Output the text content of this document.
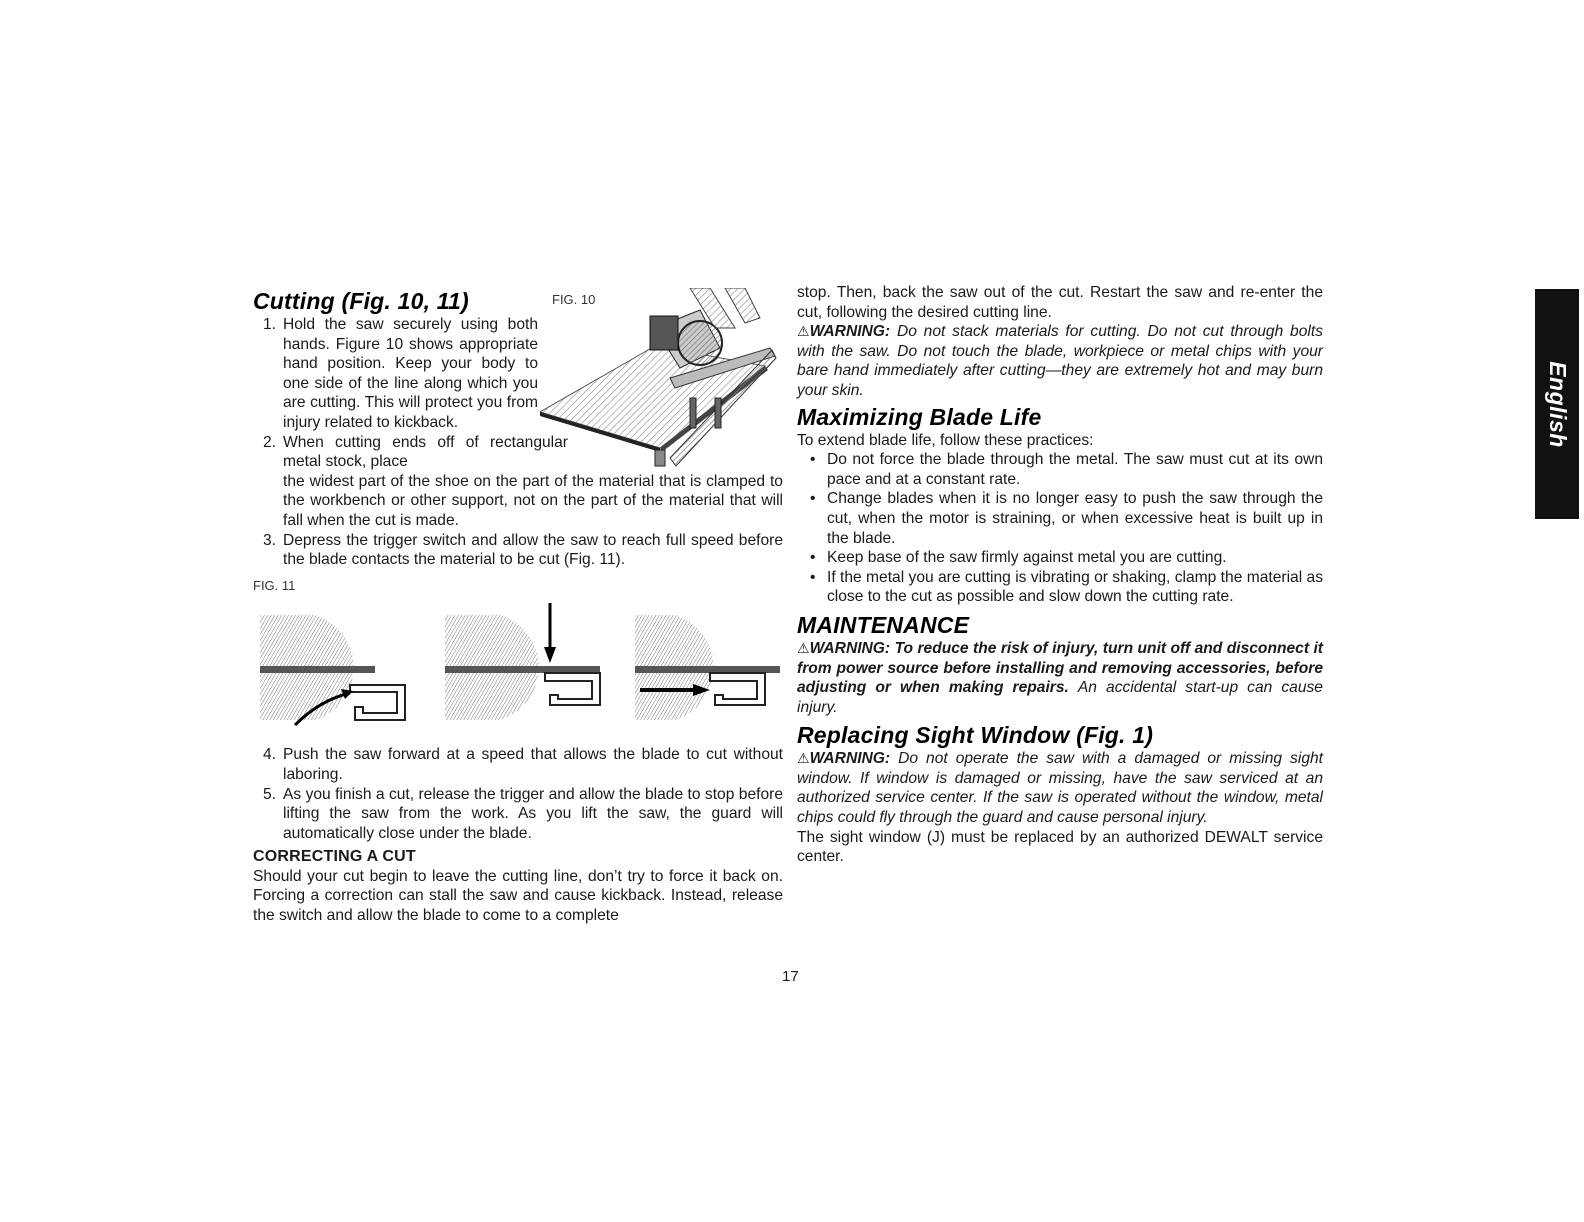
Cutting (Fig. 10, 11)
1. Hold the saw securely using both hands. Figure 10 shows appropriate hand position. Keep your body to one side of the line along which you are cutting. This will protect you from injury related to kickback.
2. When cutting ends off of rectangular metal stock, place

the widest part of the shoe on the part of the material that is clamped to the workbench or other support, not on the part of the material that will fall when the cut is made.

3. Depress the trigger switch and allow the saw to reach full speed before the blade contacts the material to be cut (Fig. 11).
FIG. 11
4. Push the saw forward at a speed that allows the blade to cut without laboring.
5. As you finish a cut, release the trigger and allow the blade to stop before lifting the saw from the work. As you lift the saw, the guard will automatically close under the blade.
CORRECTING A CUT

Should your cut begin to leave the cutting line, don’t try to force it back on. Forcing a correction can stall the saw and cause kickback. Instead, release the switch and allow the blade to come to a complete

FIG. 10	stop. Then, back the saw out of the cut. Restart the saw and re-enter the cut, following the desired cutting line.

⚠WARNING: Do not stack materials for cutting. Do not cut through bolts with the saw. Do not touch the blade, workpiece or metal chips with your bare hand immediately after cutting—they are extremely hot and may burn your skin.

Maximizing Blade Life

To extend blade life, follow these practices:

• Do not force the blade through the metal. The saw must cut at its own pace and at a constant rate.
• Change blades when it is no longer easy to push the saw through the cut, when the motor is straining, or when excessive heat is built up in the blade.
• Keep base of the saw firmly against metal you are cutting.
• If the metal you are cutting is vibrating or shaking, clamp the material as close to the cut as possible and slow down the cutting rate.
MAINTENANCE

⚠WARNING: To reduce the risk of injury, turn unit off and disconnect it from power source before installing and removing accessories, before adjusting or when making repairs. An accidental start-up can cause injury.

Replacing Sight Window (Fig. 1)

⚠WARNING: Do not operate the saw with a damaged or missing sight window. If window is damaged or missing, have the saw serviced at an authorized service center. If the saw is operated without the window, metal chips could fly through the guard and cause personal injury.

The sight window (J) must be replaced by an authorized DEWALT service center.

English
17
